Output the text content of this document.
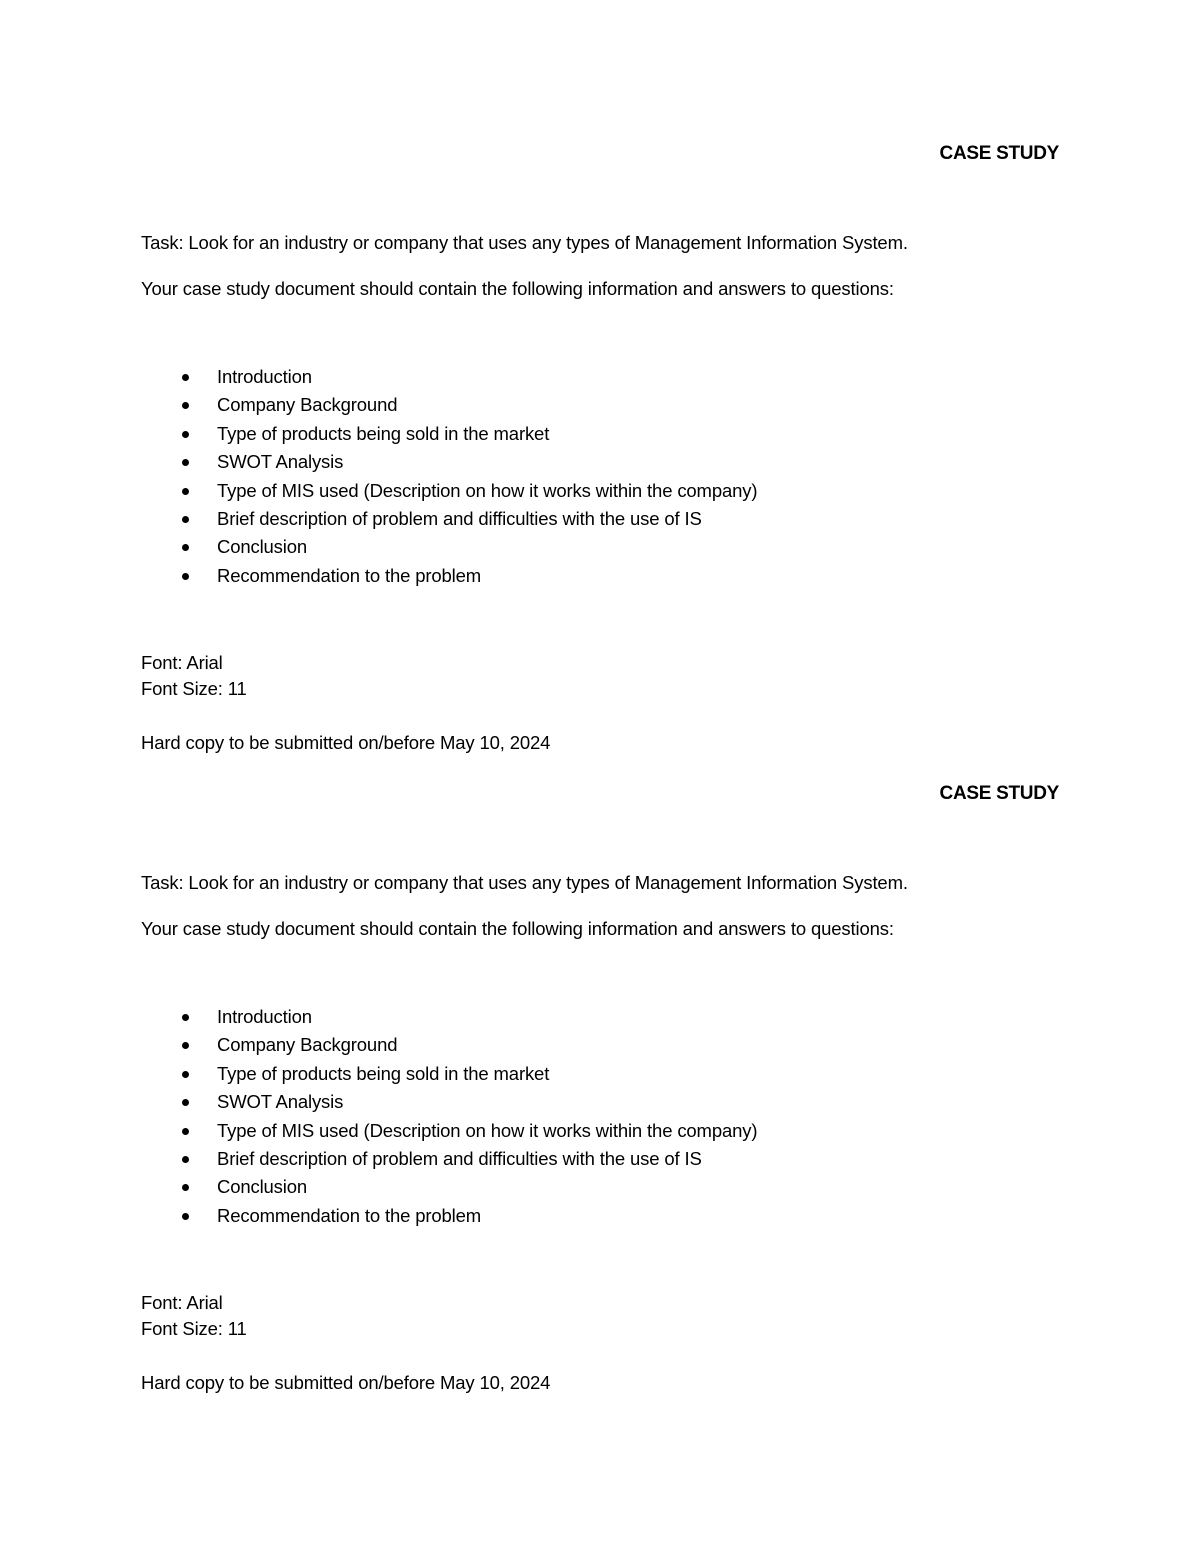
CASE STUDY
Task: Look for an industry or company that uses any types of Management Information System.
Your case study document should contain the following information and answers to questions:
Introduction
Company Background
Type of products being sold in the market
SWOT Analysis
Type of MIS used (Description on how it works within the company)
Brief description of problem and difficulties with the use of IS
Conclusion
Recommendation to the problem
Font: Arial
Font Size: 11
Hard copy to be submitted on/before May 10, 2024
CASE STUDY
Task: Look for an industry or company that uses any types of Management Information System.
Your case study document should contain the following information and answers to questions:
Introduction
Company Background
Type of products being sold in the market
SWOT Analysis
Type of MIS used (Description on how it works within the company)
Brief description of problem and difficulties with the use of IS
Conclusion
Recommendation to the problem
Font: Arial
Font Size: 11
Hard copy to be submitted on/before May 10, 2024
